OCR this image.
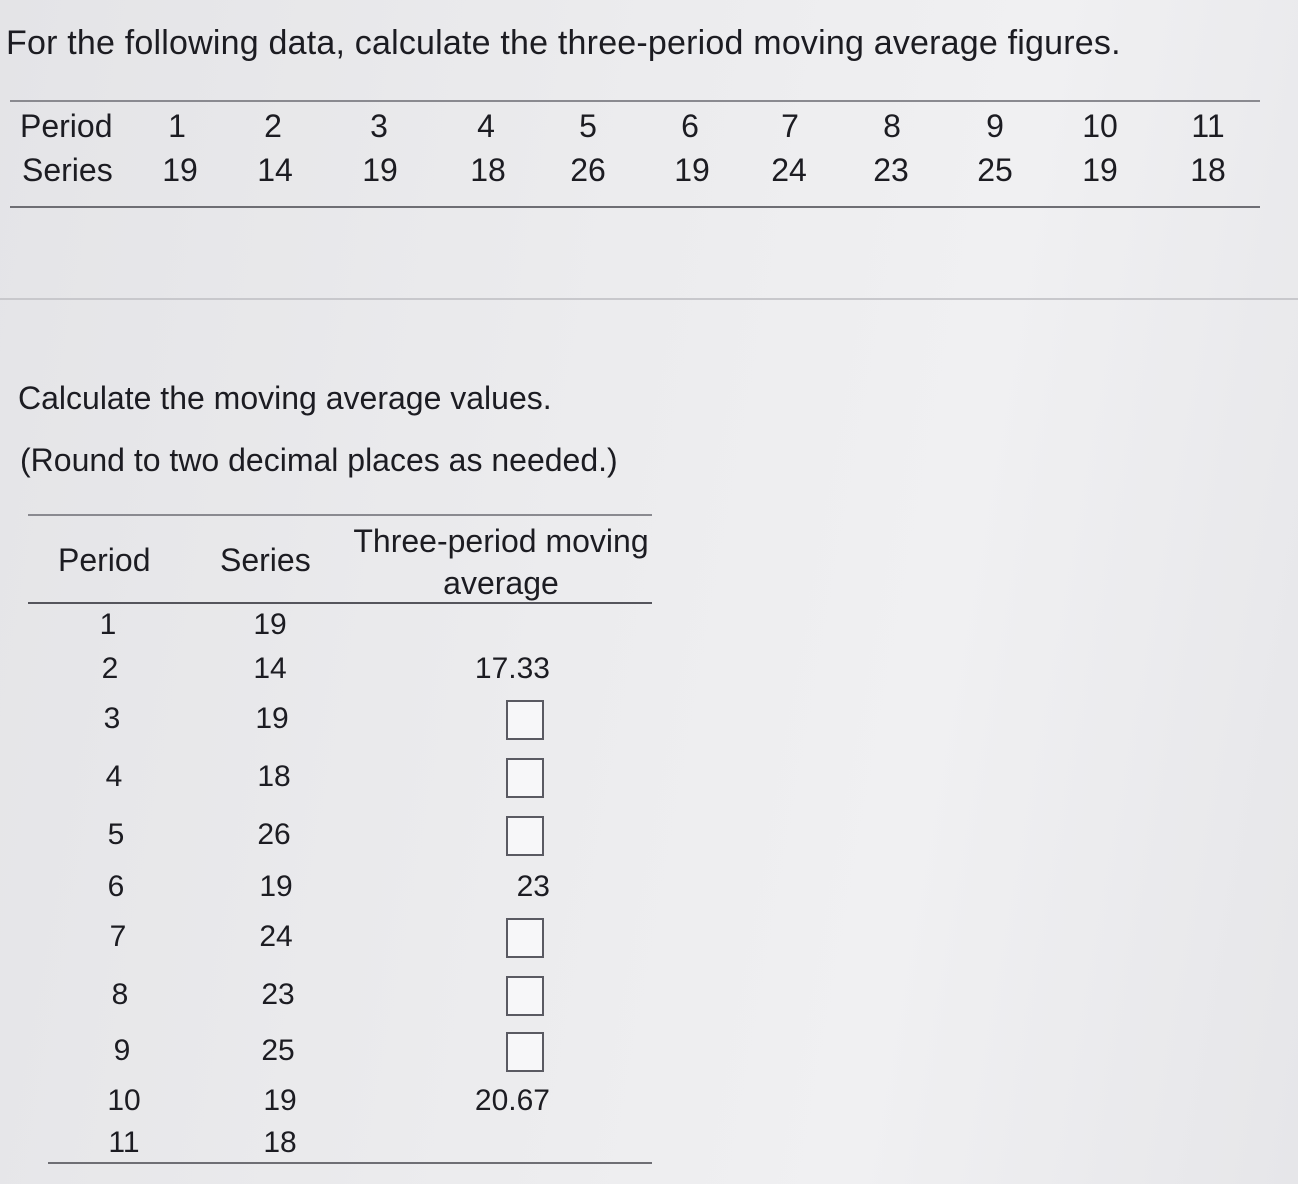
For the following data, calculate the three-period moving average figures.
Period	1	2	3	4	5	6	7	8	9	10	11
Series	19	14	19	18	26	19	24	23	25	19	18
Calculate the moving average values.
(Round to two decimal places as needed.)
Period Series
Three-period moving
average
1	19
2	14	17.33
3	19
4	18
5	26
6	19	23
7	24
8	23
9	25
10	19	20.67
11	18
